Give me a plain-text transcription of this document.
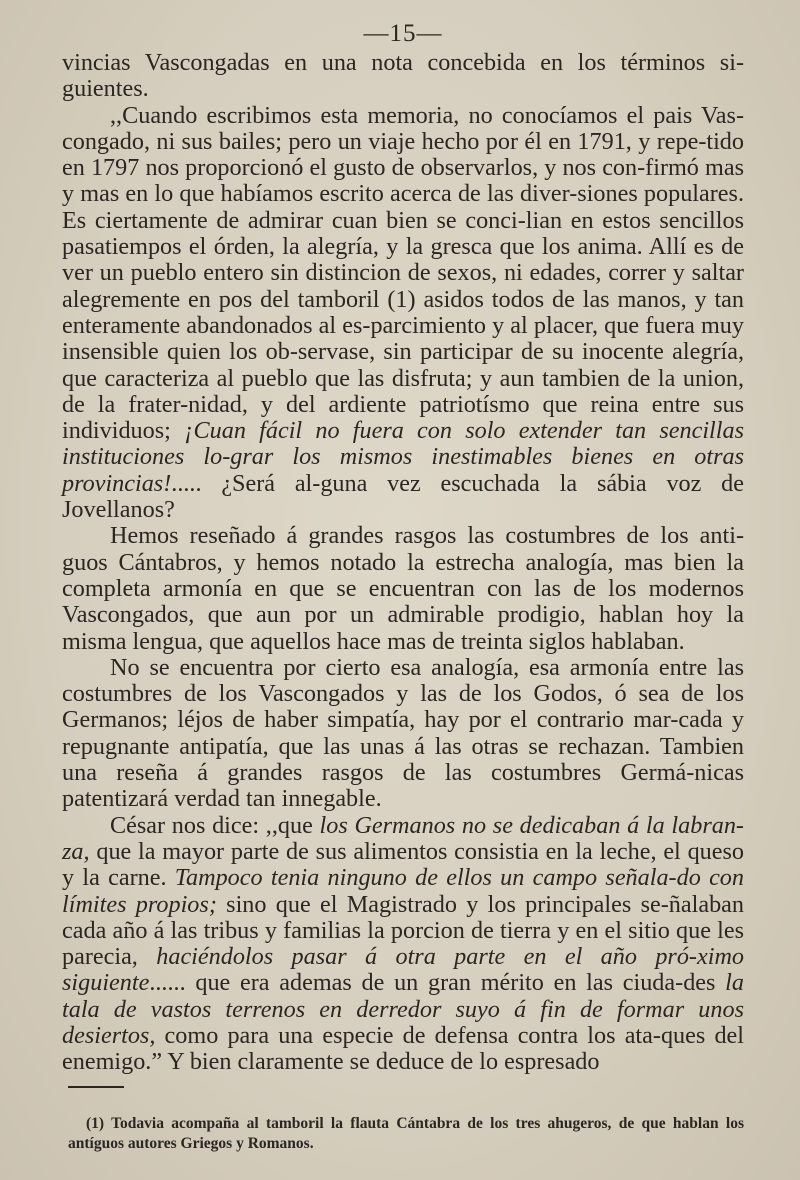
—15—

vincias Vascongadas en una nota concebida en los términos si-guientes.

,,Cuando escribimos esta memoria, no conocíamos el pais Vas-congado, ni sus bailes; pero un viaje hecho por él en 1791, y repe-tido en 1797 nos proporcionó el gusto de observarlos, y nos con-firmó mas y mas en lo que habíamos escrito acerca de las diver-siones populares. Es ciertamente de admirar cuan bien se conci-lian en estos sencillos pasatiempos el órden, la alegría, y la gresca que los anima. Allí es de ver un pueblo entero sin distincion de sexos, ni edades, correr y saltar alegremente en pos del tamboril (1) asidos todos de las manos, y tan enteramente abandonados al es-parcimiento y al placer, que fuera muy insensible quien los ob-servase, sin participar de su inocente alegría, que caracteriza al pueblo que las disfruta; y aun tambien de la union, de la frater-nidad, y del ardiente patriotísmo que reina entre sus individuos; ¡Cuan fácil no fuera con solo extender tan sencillas instituciones lo-grar los mismos inestimables bienes en otras provincias!..... ¿Será al-guna vez escuchada la sábia voz de Jovellanos?

Hemos reseñado á grandes rasgos las costumbres de los anti-guos Cántabros, y hemos notado la estrecha analogía, mas bien la completa armonía en que se encuentran con las de los modernos Vascongados, que aun por un admirable prodigio, hablan hoy la misma lengua, que aquellos hace mas de treinta siglos hablaban.

No se encuentra por cierto esa analogía, esa armonía entre las costumbres de los Vascongados y las de los Godos, ó sea de los Germanos; léjos de haber simpatía, hay por el contrario mar-cada y repugnante antipatía, que las unas á las otras se rechazan. Tambien una reseña á grandes rasgos de las costumbres Germá-nicas patentizará verdad tan innegable.

César nos dice: ,,que los Germanos no se dedicaban á la labran-za, que la mayor parte de sus alimentos consistia en la leche, el queso y la carne. Tampoco tenia ninguno de ellos un campo señala-do con límites propios; sino que el Magistrado y los principales se-ñalaban cada año á las tribus y familias la porcion de tierra y en el sitio que les parecia, haciéndolos pasar á otra parte en el año pró-ximo siguiente...... que era ademas de un gran mérito en las ciuda-des la tala de vastos terrenos en derredor suyo á fin de formar unos desiertos, como para una especie de defensa contra los ata-ques del enemigo.” Y bien claramente se deduce de lo espresado

(1) Todavia acompaña al tamboril la flauta Cántabra de los tres ahugeros, de que hablan los antíguos autores Griegos y Romanos.
